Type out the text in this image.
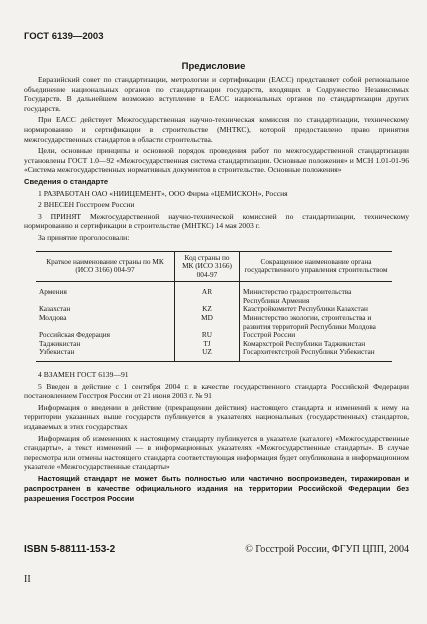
ГОСТ 6139—2003
Предисловие

Евразийский совет по стандартизации, метрологии и сертификации (ЕАСС) представляет собой региональное объединение национальных органов по стандартизации государств, входящих в Содружество Независимых Государств. В дальнейшем возможно вступление в ЕАСС национальных органов по стандартизации других государств.

При ЕАСС действует Межгосударственная научно-техническая комиссия по стандартизации, техническому нормированию и сертификации в строительстве (МНТКС), которой предоставлено право принятия межгосударственных стандартов в области строительства.

Цели, основные принципы и основной порядок проведения работ по межгосударственной стандартизации установлены ГОСТ 1.0—92 «Межгосударственная система стандартизации. Основные положения» и МСН 1.01-01-96 «Система межгосударственных нормативных документов в строительстве. Основные положения»

Сведения о стандарте

1 РАЗРАБОТАН ОАО «НИИЦЕМЕНТ», ООО Фирма «ЦЕМИСКОН», Россия

2 ВНЕСЕН Госстроем России

3 ПРИНЯТ Межгосударственной научно-технической комиссией по стандартизации, техническому нормированию и сертификации в строительстве (МНТКС) 14 мая 2003 г.

За принятие проголосовали:

Краткое наименование страны по МК (ИСО 3166) 004-97	Код страны по МК (ИСО 3166) 004-97	Сокращенное наименование органа государственного управления строительством
Армения	AR	Министерство градостроительства Республики Армения
Казахстан	KZ	Казстройкомитет Республики Казахстан
Молдова	MD	Министерство экологии, строительства и развития территорий Республики Молдова
Российская Федерация	RU	Госстрой России
Таджикистан	TJ	Комархстрой Республики Таджикистан
Узбекистан	UZ	Госархитектстрой Республики Узбекистан

4 ВЗАМЕН ГОСТ 6139—91

5 Введен в действие с 1 сентября 2004 г. в качестве государственного стандарта Российской Федерации постановлением Госстроя России от 21 июня 2003 г. № 91

Информация о введении в действие (прекращении действия) настоящего стандарта и изменений к нему на территории указанных выше государств публикуется в указателях национальных (государственных) стандартов, издаваемых в этих государствах

Информация об изменениях к настоящему стандарту публикуется в указателе (каталоге) «Межгосударственные стандарты», а текст изменений — в информационных указателях «Межгосударственные стандарты». В случае пересмотра или отмены настоящего стандарта соответствующая информация будет опубликована в информационном указателе «Межгосударственные стандарты»

Настоящий стандарт не может быть полностью или частично воспроизведен, тиражирован и распространен в качестве официального издания на территории Российской Федерации без разрешения Госстроя России

ISBN 5-88111-153-2	© Госстрой России, ФГУП ЦПП, 2004
II
